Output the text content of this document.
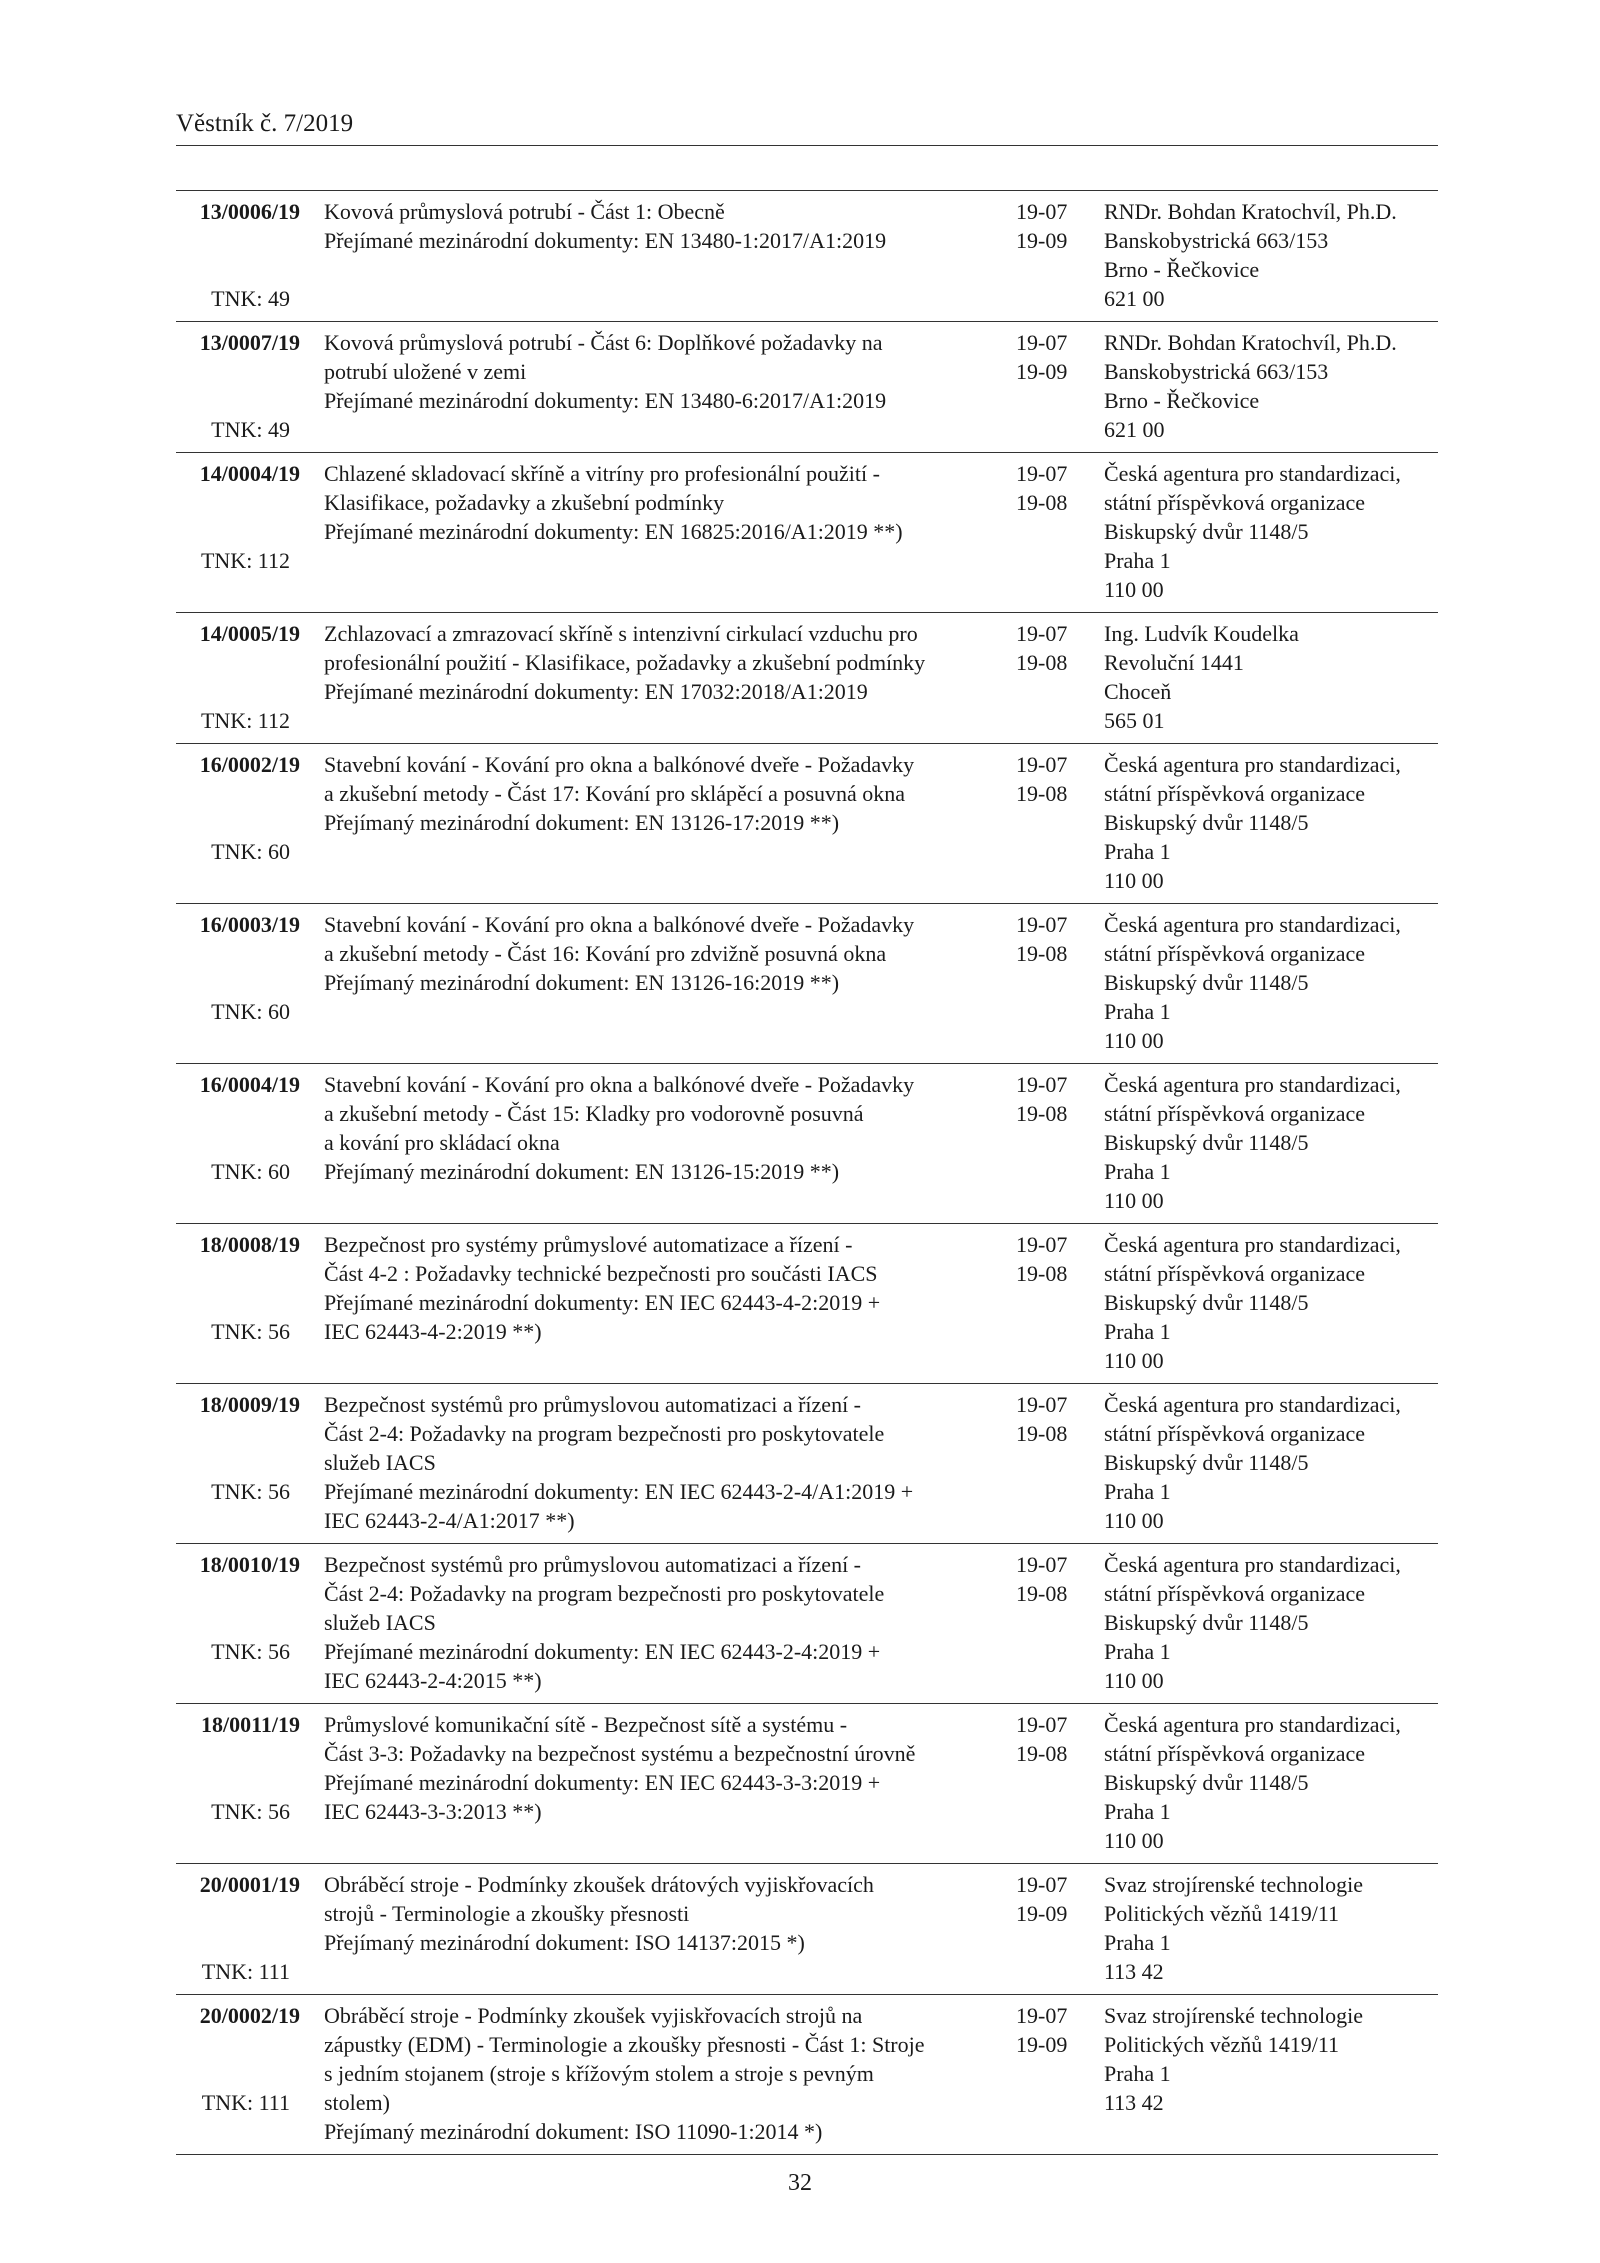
Věstník č. 7/2019
13/0006/19
TNK: 49
Kovová průmyslová potrubí - Část 1: Obecně
Přejímané mezinárodní dokumenty: EN 13480-1:2017/A1:2019
19-07
19-09
RNDr. Bohdan Kratochvíl, Ph.D.
Banskobystrická 663/153
Brno - Řečkovice
621 00
13/0007/19
TNK: 49
Kovová průmyslová potrubí - Část 6: Doplňkové požadavky na
potrubí uložené v zemi
Přejímané mezinárodní dokumenty: EN 13480-6:2017/A1:2019
19-07
19-09
RNDr. Bohdan Kratochvíl, Ph.D.
Banskobystrická 663/153
Brno - Řečkovice
621 00
14/0004/19
TNK: 112
Chlazené skladovací skříně a vitríny pro profesionální použití -
Klasifikace, požadavky a zkušební podmínky
Přejímané mezinárodní dokumenty: EN 16825:2016/A1:2019 **)
19-07
19-08
Česká agentura pro standardizaci,
státní příspěvková organizace
Biskupský dvůr 1148/5
Praha 1
110 00
14/0005/19
TNK: 112
Zchlazovací a zmrazovací skříně s intenzivní cirkulací vzduchu pro
profesionální použití - Klasifikace, požadavky a zkušební podmínky
Přejímané mezinárodní dokumenty: EN 17032:2018/A1:2019
19-07
19-08
Ing. Ludvík Koudelka
Revoluční 1441
Choceň
565 01
16/0002/19
TNK: 60
Stavební kování - Kování pro okna a balkónové dveře - Požadavky
a zkušební metody - Část 17: Kování pro sklápěcí a posuvná okna
Přejímaný mezinárodní dokument: EN 13126-17:2019 **)
19-07
19-08
Česká agentura pro standardizaci,
státní příspěvková organizace
Biskupský dvůr 1148/5
Praha 1
110 00
16/0003/19
TNK: 60
Stavební kování - Kování pro okna a balkónové dveře - Požadavky
a zkušební metody - Část 16: Kování pro zdvižně posuvná okna
Přejímaný mezinárodní dokument: EN 13126-16:2019 **)
19-07
19-08
Česká agentura pro standardizaci,
státní příspěvková organizace
Biskupský dvůr 1148/5
Praha 1
110 00
16/0004/19
TNK: 60
Stavební kování - Kování pro okna a balkónové dveře - Požadavky
a zkušební metody - Část 15: Kladky pro vodorovně posuvná
a kování pro skládací okna
Přejímaný mezinárodní dokument: EN 13126-15:2019 **)
19-07
19-08
Česká agentura pro standardizaci,
státní příspěvková organizace
Biskupský dvůr 1148/5
Praha 1
110 00
18/0008/19
TNK: 56
Bezpečnost pro systémy průmyslové automatizace a řízení -
Část 4-2 : Požadavky technické bezpečnosti pro součásti IACS
Přejímané mezinárodní dokumenty: EN IEC 62443-4-2:2019 +
IEC 62443-4-2:2019 **)
19-07
19-08
Česká agentura pro standardizaci,
státní příspěvková organizace
Biskupský dvůr 1148/5
Praha 1
110 00
18/0009/19
TNK: 56
Bezpečnost systémů pro průmyslovou automatizaci a řízení -
Část 2-4: Požadavky na program bezpečnosti pro poskytovatele
služeb IACS
Přejímané mezinárodní dokumenty: EN IEC 62443-2-4/A1:2019 +
IEC 62443-2-4/A1:2017 **)
19-07
19-08
Česká agentura pro standardizaci,
státní příspěvková organizace
Biskupský dvůr 1148/5
Praha 1
110 00
18/0010/19
TNK: 56
Bezpečnost systémů pro průmyslovou automatizaci a řízení -
Část 2-4: Požadavky na program bezpečnosti pro poskytovatele
služeb IACS
Přejímané mezinárodní dokumenty: EN IEC 62443-2-4:2019 +
IEC 62443-2-4:2015 **)
19-07
19-08
Česká agentura pro standardizaci,
státní příspěvková organizace
Biskupský dvůr 1148/5
Praha 1
110 00
18/0011/19
TNK: 56
Průmyslové komunikační sítě - Bezpečnost sítě a systému -
Část 3-3: Požadavky na bezpečnost systému a bezpečnostní úrovně
Přejímané mezinárodní dokumenty: EN IEC 62443-3-3:2019 +
IEC 62443-3-3:2013 **)
19-07
19-08
Česká agentura pro standardizaci,
státní příspěvková organizace
Biskupský dvůr 1148/5
Praha 1
110 00
20/0001/19
TNK: 111
Obráběcí stroje - Podmínky zkoušek drátových vyjiskřovacích
strojů - Terminologie a zkoušky přesnosti
Přejímaný mezinárodní dokument: ISO 14137:2015 *)
19-07
19-09
Svaz strojírenské technologie
Politických vězňů 1419/11
Praha 1
113 42
20/0002/19
TNK: 111
Obráběcí stroje - Podmínky zkoušek vyjiskřovacích strojů na
zápustky (EDM) - Terminologie a zkoušky přesnosti - Část 1: Stroje
s jedním stojanem (stroje s křížovým stolem a stroje s pevným
stolem)
Přejímaný mezinárodní dokument: ISO 11090-1:2014 *)
19-07
19-09
Svaz strojírenské technologie
Politických vězňů 1419/11
Praha 1
113 42
32
